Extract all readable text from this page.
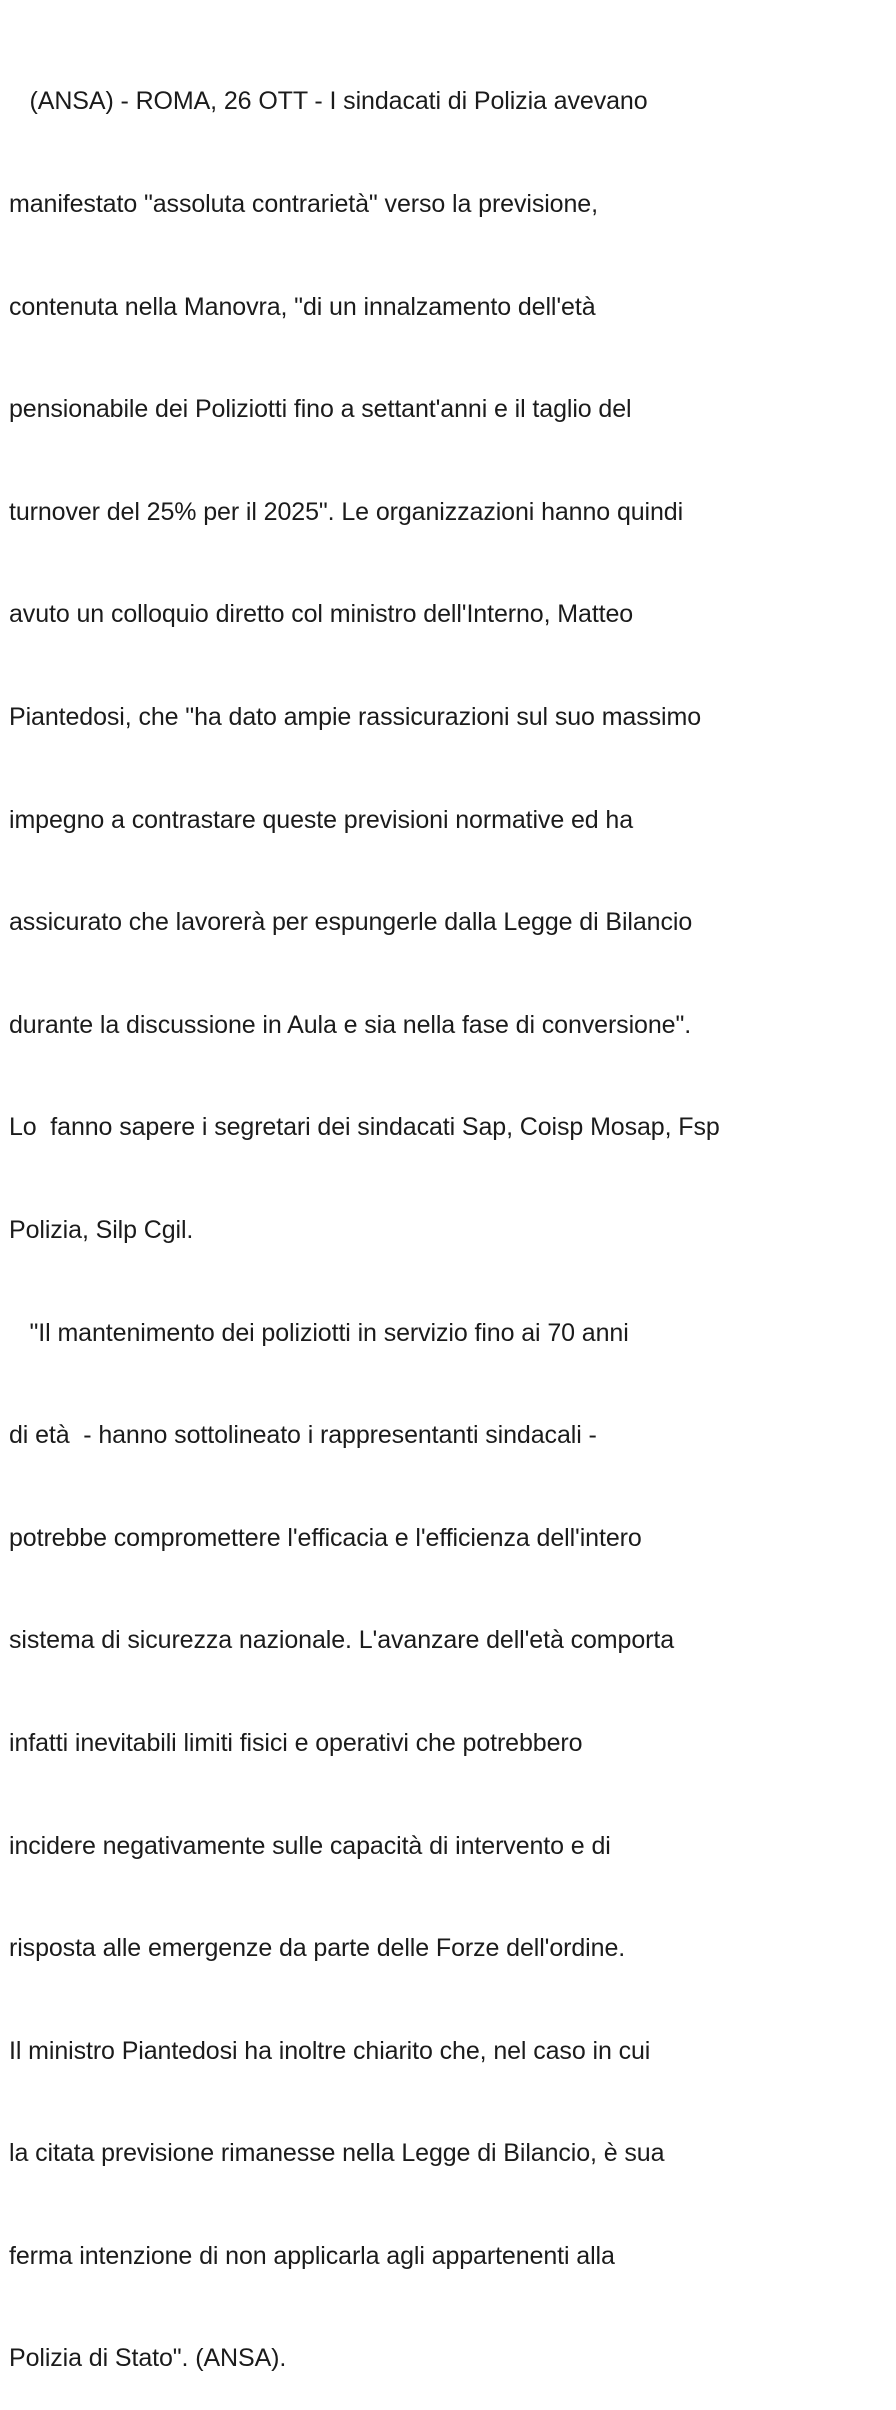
(ANSA) - ROMA, 26 OTT - I sindacati di Polizia avevano

manifestato "assoluta contrarietà" verso la previsione,

contenuta nella Manovra, "di un innalzamento dell'età

pensionabile dei Poliziotti fino a settant'anni e il taglio del

turnover del 25% per il 2025". Le organizzazioni hanno quindi

avuto un colloquio diretto col ministro dell'Interno, Matteo

Piantedosi, che "ha dato ampie rassicurazioni sul suo massimo

impegno a contrastare queste previsioni normative ed ha

assicurato che lavorerà per espungerle dalla Legge di Bilancio

durante la discussione in Aula e sia nella fase di conversione".

Lo  fanno sapere i segretari dei sindacati Sap, Coisp Mosap, Fsp

Polizia, Silp Cgil.

"Il mantenimento dei poliziotti in servizio fino ai 70 anni

di età  - hanno sottolineato i rappresentanti sindacali -

potrebbe compromettere l'efficacia e l'efficienza dell'intero

sistema di sicurezza nazionale. L'avanzare dell'età comporta

infatti inevitabili limiti fisici e operativi che potrebbero

incidere negativamente sulle capacità di intervento e di

risposta alle emergenze da parte delle Forze dell'ordine.

Il ministro Piantedosi ha inoltre chiarito che, nel caso in cui

la citata previsione rimanesse nella Legge di Bilancio, è sua

ferma intenzione di non applicarla agli appartenenti alla

Polizia di Stato". (ANSA).
